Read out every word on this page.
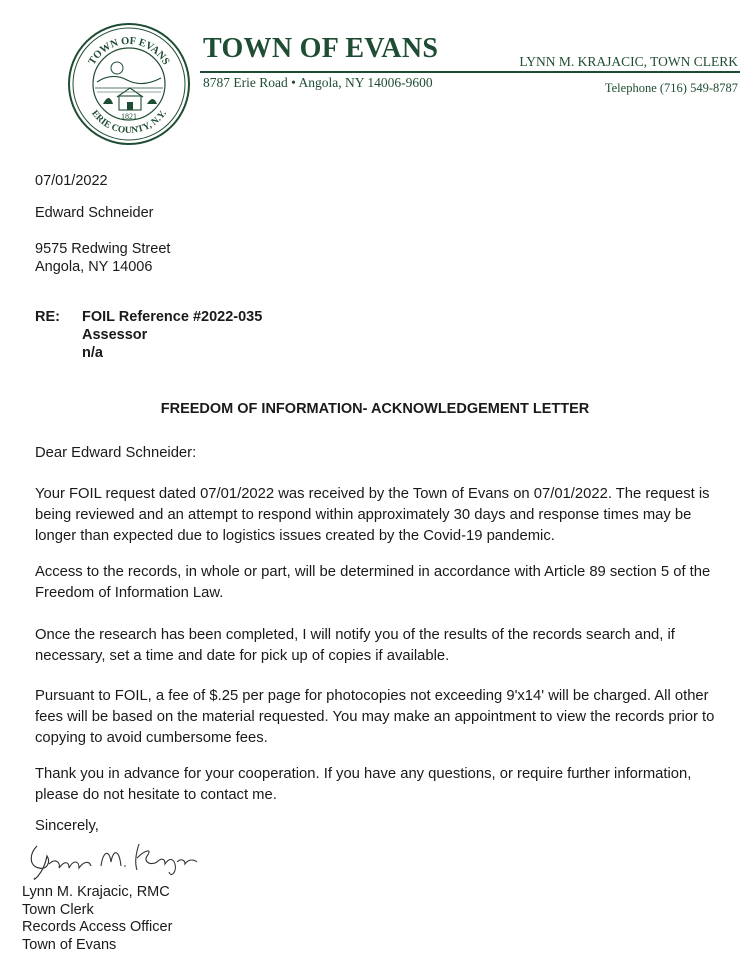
TOWN OF EVANS
ERIE COUNTY, N.Y.
1821
TOWN OF EVANS
8787 Erie Road • Angola, NY 14006-9600
LYNN M. KRAJACIC, TOWN CLERK
Telephone (716) 549-8787
07/01/2022
Edward Schneider
9575 Redwing Street
Angola, NY 14006
RE: FOIL Reference #2022-035
Assessor
n/a
FREEDOM OF INFORMATION- ACKNOWLEDGEMENT LETTER
Dear Edward Schneider:

Your FOIL request dated 07/01/2022 was received by the Town of Evans on 07/01/2022. The request is being reviewed and an attempt to respond within approximately 30 days and response times may be longer than expected due to logistics issues created by the Covid-19 pandemic.

Access to the records, in whole or part, will be determined in accordance with Article 89 section 5 of the Freedom of Information Law.

Once the research has been completed, I will notify you of the results of the records search and, if necessary, set a time and date for pick up of copies if available.

Pursuant to FOIL, a fee of $.25 per page for photocopies not exceeding 9'x14' will be charged. All other fees will be based on the material requested. You may make an appointment to view the records prior to copying to avoid cumbersome fees.

Thank you in advance for your cooperation. If you have any questions, or require further information, please do not hesitate to contact me.

Sincerely,
Lynn M. Krajacic, RMC
Town Clerk
Records Access Officer
Town of Evans
